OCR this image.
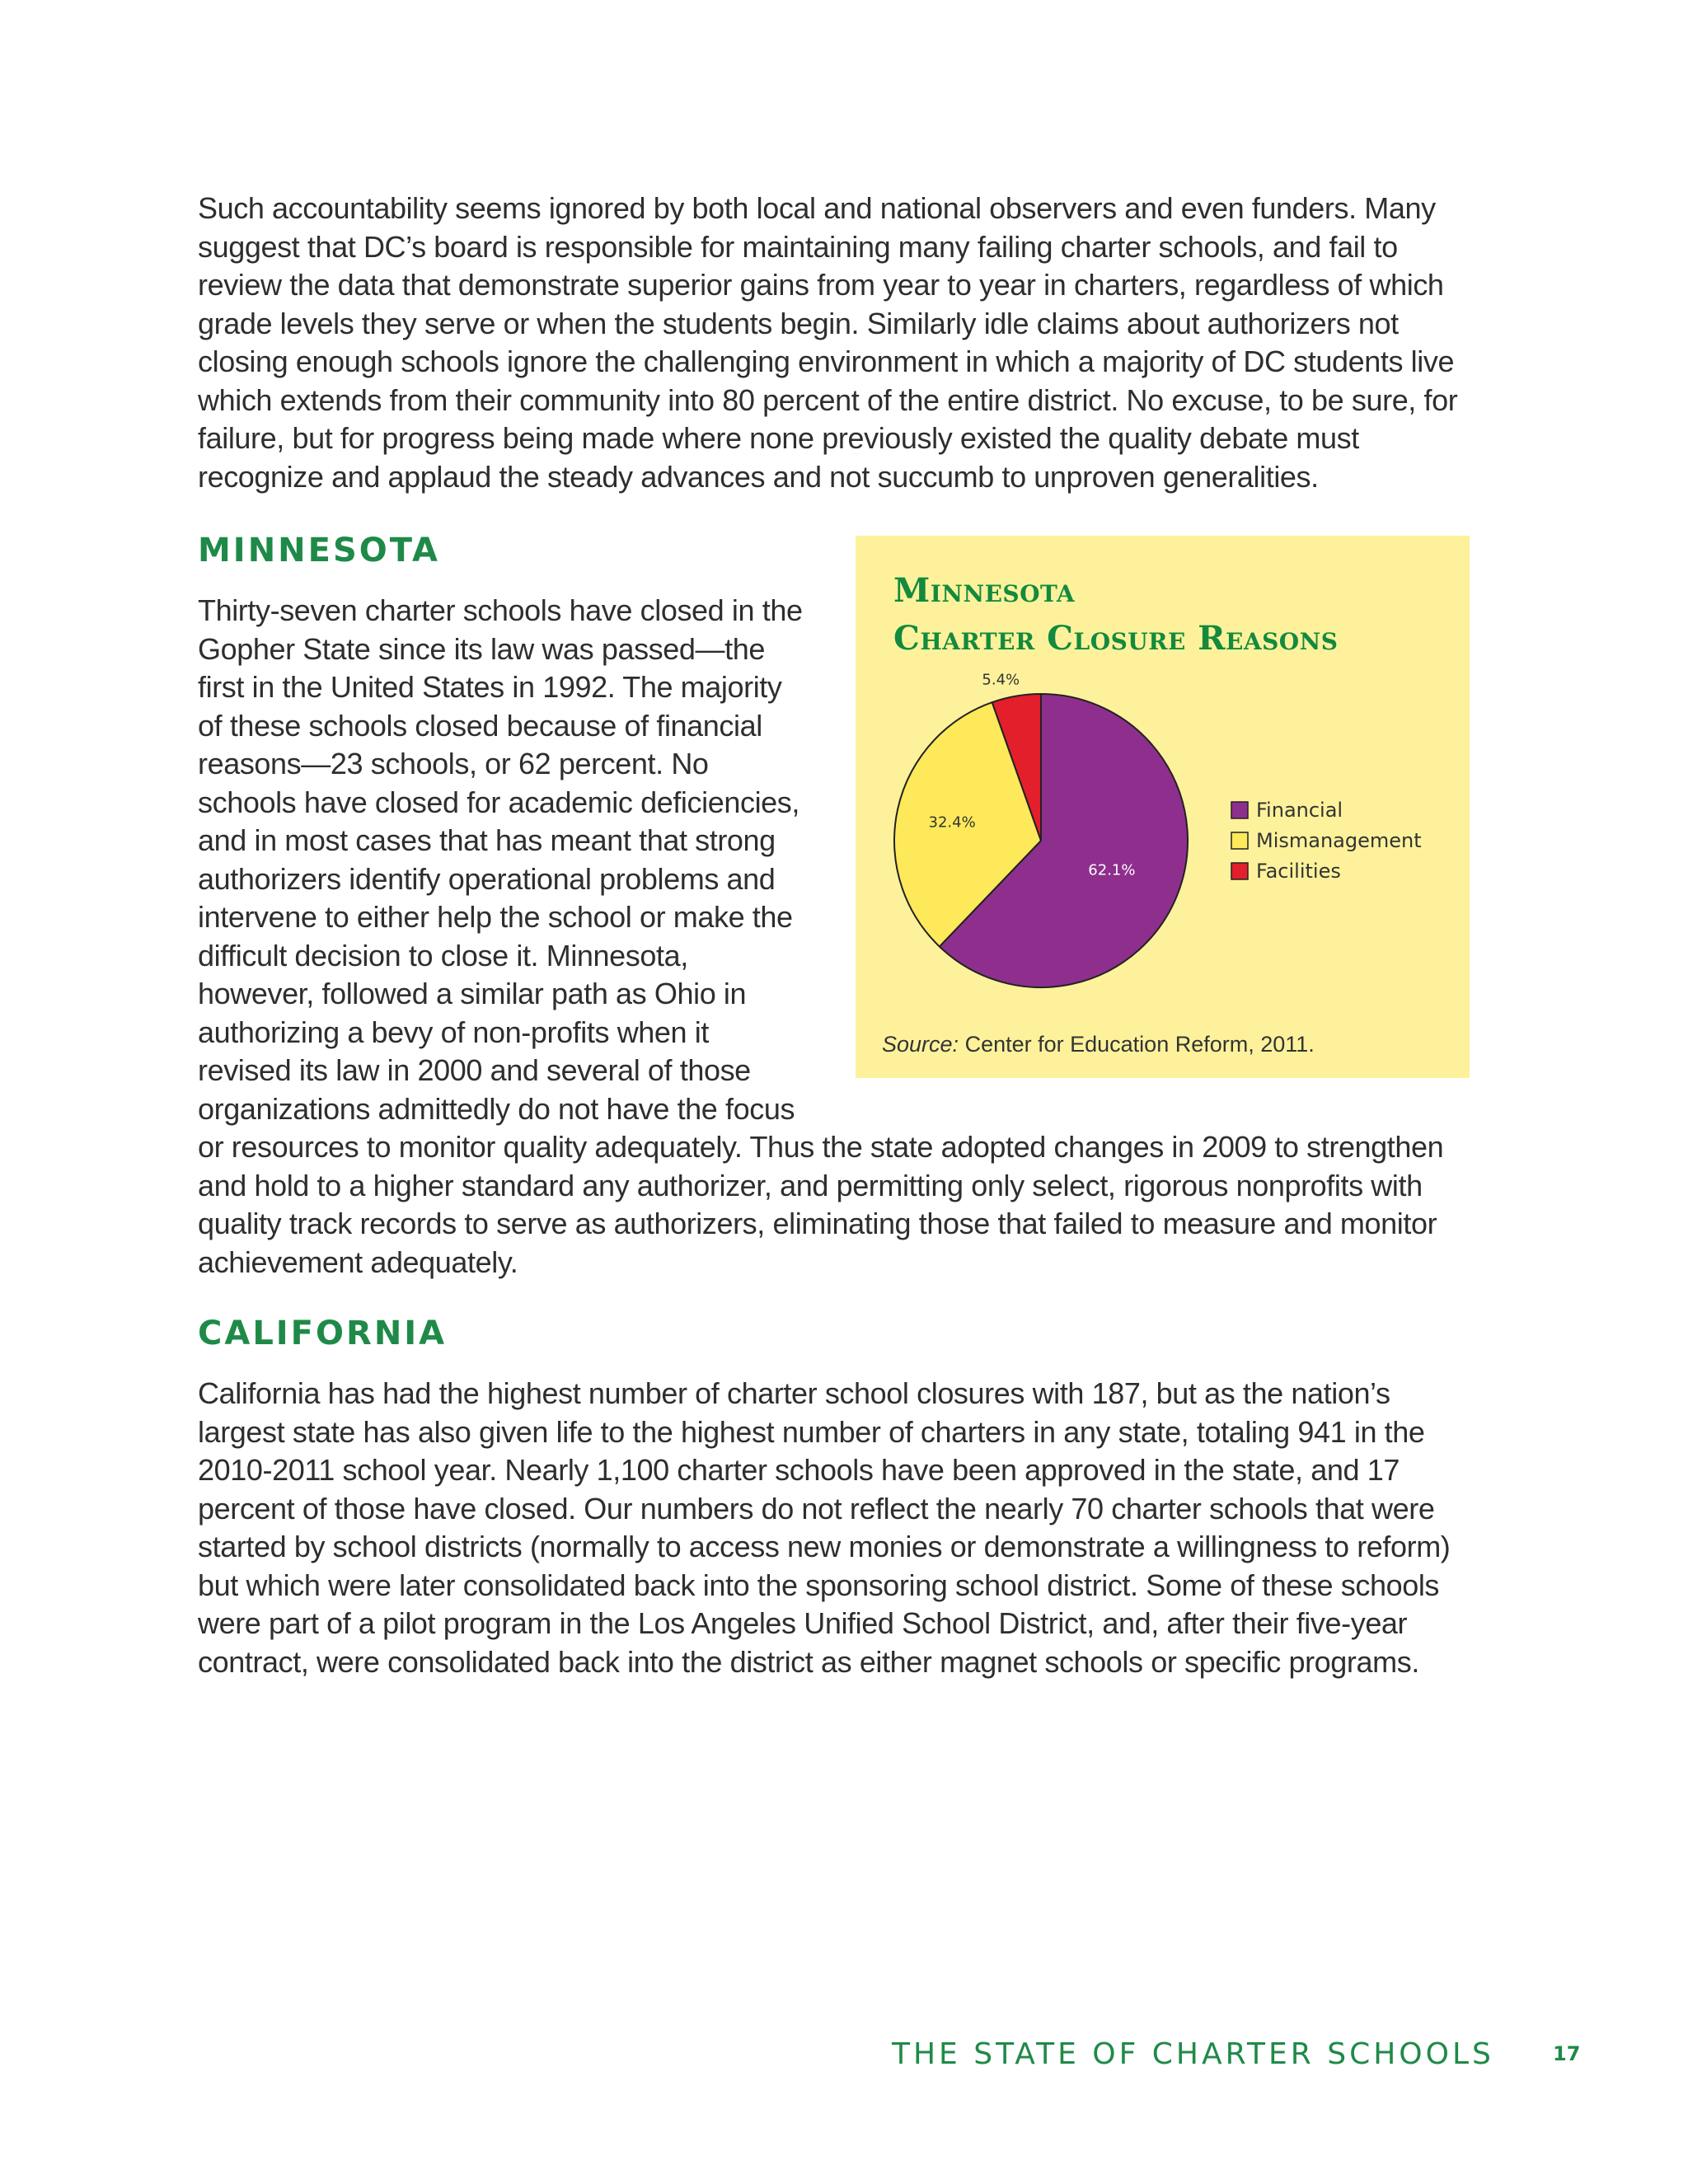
Such accountability seems ignored by both local and national observers and even funders. Many suggest that DC’s board is responsible for maintaining many failing charter schools, and fail to review the data that demonstrate superior gains from year to year in charters, regardless of which grade levels they serve or when the students begin. Similarly idle claims about authorizers not closing enough schools ignore the challenging environment in which a majority of DC students live which extends from their community into 80 percent of the entire district. No excuse, to be sure, for failure, but for progress being made where none previously existed the quality debate must recognize and applaud the steady advances and not succumb to unproven generalities.

MINNESOTA
Thirty-seven charter schools have closed in the Gopher State since its law was passed—the first in the United States in 1992. The majority of these schools closed because of financial reasons—23 schools, or 62 percent. No schools have closed for academic deficiencies, and in most cases that has meant that strong authorizers identify operational problems and intervene to either help the school or make the difficult decision to close it. Minnesota, however, followed a similar path as Ohio in authorizing a bevy of non-profits when it revised its law in 2000 and several of those organizations admittedly do not have the focus or resources to monitor quality adequately. Thus the state adopted changes in 2009 to strengthen and hold to a higher standard any authorizer, and permitting only select, rigorous nonprofits with quality track records to serve as authorizers, eliminating those that failed to measure and monitor achievement adequately.
Minnesota
Charter Closure Reasons
62.1%
32.4%
5.4%
Financial
Mismanagement
Facilities
Source: Center for Education Reform, 2011.
CALIFORNIA

California has had the highest number of charter school closures with 187, but as the nation’s largest state has also given life to the highest number of charters in any state, totaling 941 in the 2010-2011 school year. Nearly 1,100 charter schools have been approved in the state, and 17 percent of those have closed. Our numbers do not reflect the nearly 70 charter schools that were started by school districts (normally to access new monies or demonstrate a willingness to reform) but which were later consolidated back into the sponsoring school district. Some of these schools were part of a pilot program in the Los Angeles Unified School District, and, after their five-year contract, were consolidated back into the district as either magnet schools or specific programs.

THE STATE OF CHARTER SCHOOLS	17
